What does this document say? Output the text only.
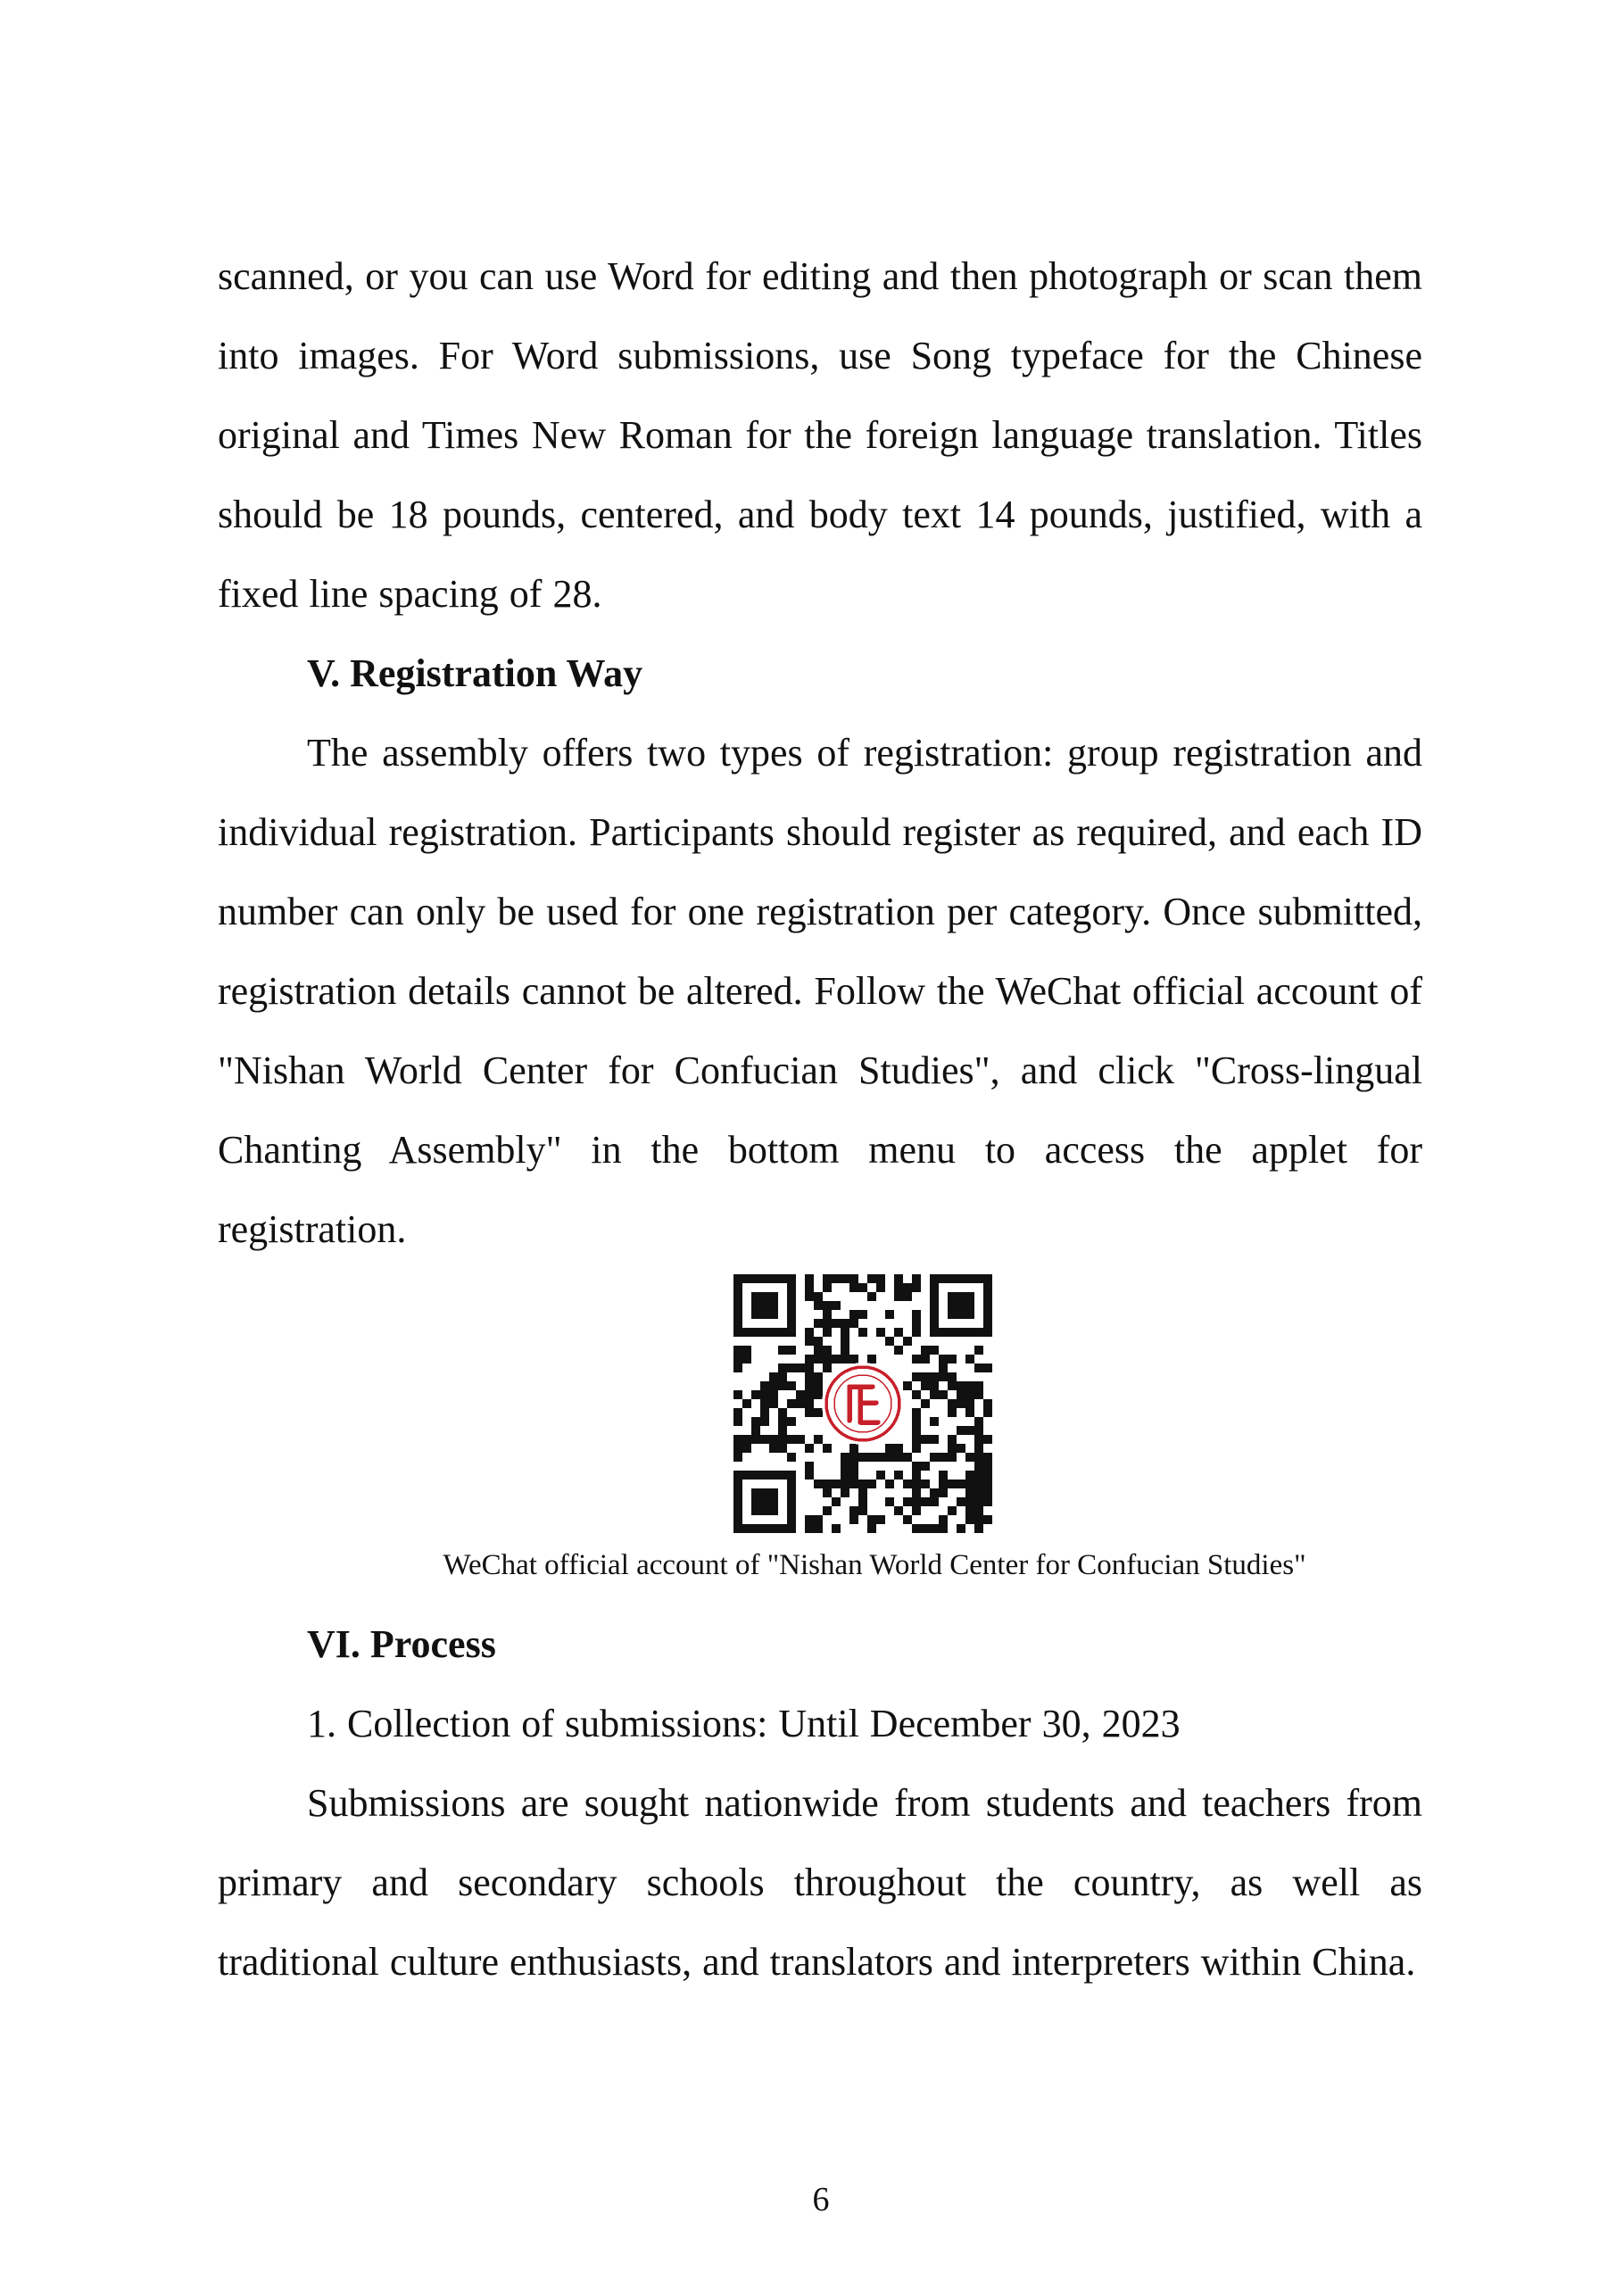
scanned, or you can use Word for editing and then photograph or scan them into images. For Word submissions, use Song typeface for the Chinese original and Times New Roman for the foreign language translation. Titles should be 18 pounds, centered, and body text 14 pounds, justified, with a fixed line spacing of 28.

V. Registration Way

The assembly offers two types of registration: group registration and individual registration. Participants should register as required, and each ID number can only be used for one registration per category. Once submitted, registration details cannot be altered. Follow the WeChat official account of "Nishan World Center for Confucian Studies", and click "Cross-lingual Chanting Assembly" in the bottom menu to access the applet for registration.

WeChat official account of "Nishan World Center for Confucian Studies"

VI. Process

1. Collection of submissions: Until December 30, 2023

Submissions are sought nationwide from students and teachers from primary and secondary schools throughout the country, as well as traditional culture enthusiasts, and translators and interpreters within China.

6
